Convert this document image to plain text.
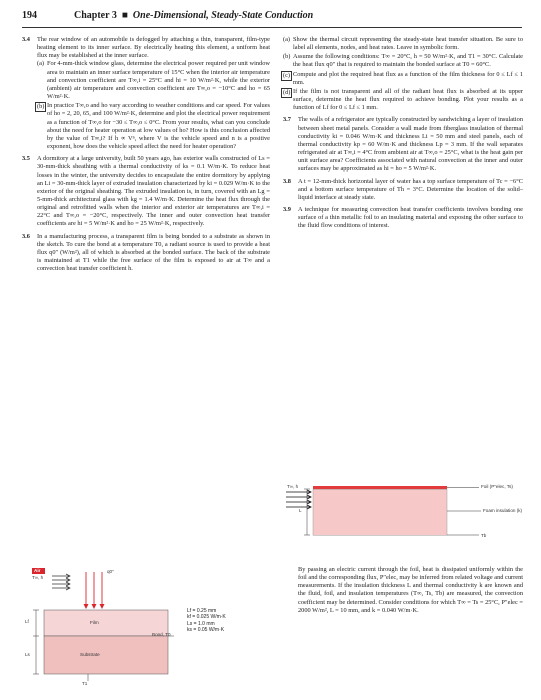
194	Chapter 3 ■ One-Dimensional, Steady-State Conduction
3.4 The rear window of an automobile is defogged by attaching a thin, transparent, film-type heating element to its inner surface. By electrically heating this element, a uniform heat flux may be established at the inner surface.
(a) For 4-mm-thick window glass, determine the electrical power required per unit window area to maintain an inner surface temperature of 15°C when the interior air temperature and convection coefficient are T∞,i = 25°C and hi = 10 W/m²·K, while the exterior (ambient) air temperature and convection coefficient are T∞,o = −10°C and ho = 65 W/m²·K.
(b) In practice T∞,o and ho vary according to weather conditions and car speed. For values of ho = 2, 20, 65, and 100 W/m²·K, determine and plot the electrical power requirement as a function of T∞,o for −30 ≤ T∞,o ≤ 0°C. From your results, what can you conclude about the need for heater operation at low values of ho? How is this conclusion affected by the value of T∞,i? If h ∝ Vⁿ, where V is the vehicle speed and n is a positive exponent, how does the vehicle speed affect the need for heater operation?
3.5 A dormitory at a large university, built 50 years ago, has exterior walls constructed of Ls = 30-mm-thick sheathing with a thermal conductivity of ks = 0.1 W/m·K. To reduce heat losses in the winter, the university decides to encapsulate the entire dormitory by applying an Li = 30-mm-thick layer of extruded insulation characterized by ki = 0.029 W/m·K to the exterior of the original sheathing. The extruded insulation is, in turn, covered with an Lg = 5-mm-thick architectural glass with kg = 1.4 W/m·K. Determine the heat flux through the original and retrofitted walls when the interior and exterior air temperatures are T∞,i = 22°C and T∞,o = −20°C, respectively. The inner and outer convection heat transfer coefficients are hi = 5 W/m²·K and ho = 25 W/m²·K, respectively.
3.6 In a manufacturing process, a transparent film is being bonded to a substrate as shown in the sketch. To cure the bond at a temperature T0, a radiant source is used to provide a heat flux q0″ (W/m²), all of which is absorbed at the bonded surface. The back of the substrate is maintained at T1 while the free surface of the film is exposed to air at T∞ and a convection heat transfer coefficient h.
Air
T∞, h
q0″
Lf
Ls
Film
Substrate
Bond, T0
T1
Lf = 0.25 mm
kf = 0.025 W/m·K
Ls = 1.0 mm
ks = 0.05 W/m·K
(a) Show the thermal circuit representing the steady-state heat transfer situation. Be sure to label all elements, nodes, and heat rates. Leave in symbolic form.
(b) Assume the following conditions: T∞ = 20°C, h = 50 W/m²·K, and T1 = 30°C. Calculate the heat flux q0″ that is required to maintain the bonded surface at T0 = 60°C.
(c) Compute and plot the required heat flux as a function of the film thickness for 0 ≤ Lf ≤ 1 mm.
(d) If the film is not transparent and all of the radiant heat flux is absorbed at its upper surface, determine the heat flux required to achieve bonding. Plot your results as a function of Lf for 0 ≤ Lf ≤ 1 mm.
3.7 The walls of a refrigerator are typically constructed by sandwiching a layer of insulation between sheet metal panels. Consider a wall made from fiberglass insulation of thermal conductivity ki = 0.046 W/m·K and thickness Li = 50 mm and steel panels, each of thermal conductivity kp = 60 W/m·K and thickness Lp = 3 mm. If the wall separates refrigerated air at T∞,i = 4°C from ambient air at T∞,o = 25°C, what is the heat gain per unit surface area? Coefficients associated with natural convection at the inner and outer surfaces may be approximated as hi = ho = 5 W/m²·K.
3.8 A t = 12-mm-thick horizontal layer of water has a top surface temperature of Tc = −6°C and a bottom surface temperature of Th = 3°C. Determine the location of the solid–liquid interface at steady state.
3.9 A technique for measuring convection heat transfer coefficients involves bonding one surface of a thin metallic foil to an insulating material and exposing the other surface to the fluid flow conditions of interest.
T∞, h	Foil (P″elec, Ts)
Foam insulation (k)
L
Tb
By passing an electric current through the foil, heat is dissipated uniformly within the foil and the corresponding flux, P″elec, may be inferred from related voltage and current measurements. If the insulation thickness L and thermal conductivity k are known and the fluid, foil, and insulation temperatures (T∞, Ts, Tb) are measured, the convection coefficient may be determined. Consider conditions for which T∞ = Ts = 25°C, P″elec = 2000 W/m², L = 10 mm, and k = 0.040 W/m·K.
